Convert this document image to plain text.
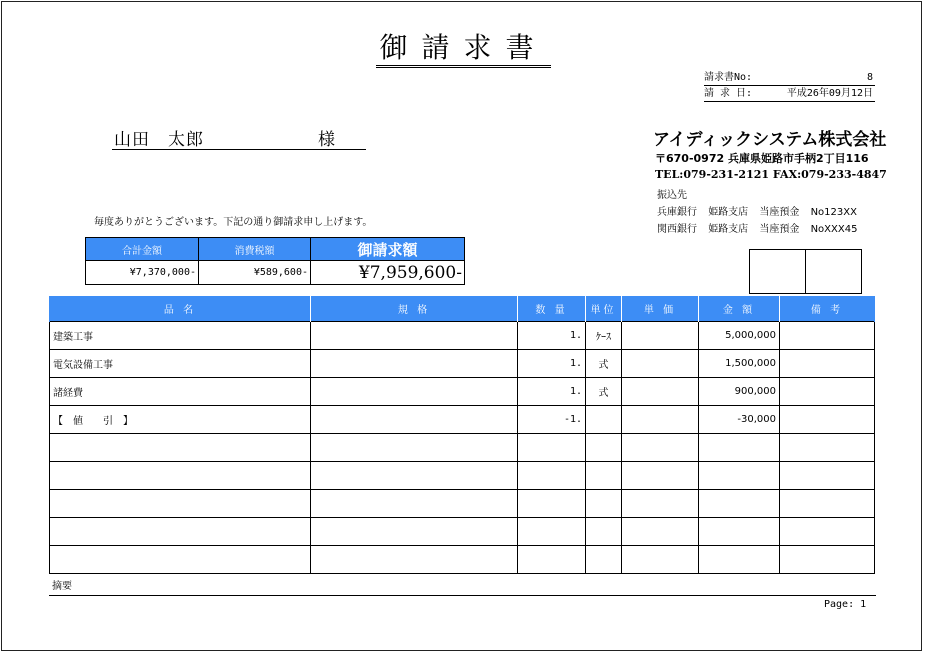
御請求書
請求書No:	8
請 求 日:	平成26年09月12日
山田　太郎	様	アイディックシステム株式会社
〒670-0972 兵庫県姫路市手柄2丁目116
TEL:079-231-2121 FAX:079-233-4847
振込先
兵庫銀行 姫路支店 当座預金 No123XX
関西銀行 姫路支店 当座預金 NoXXX45
毎度ありがとうございます。下記の通り御請求申し上げます。
合計金額	消費税額	御請求額
¥7,370,000-	¥589,600-	¥7,959,600-
品 名	規 格	数 量	単位	単 価	金 額	備 考
建築工事		1.	ｹｰｽ		5,000,000	
電気設備工事		1.	式		1,500,000	
諸経費		1.	式		900,000	
【　値　　引　】		-1.			-30,000	

摘要
Page: 1
